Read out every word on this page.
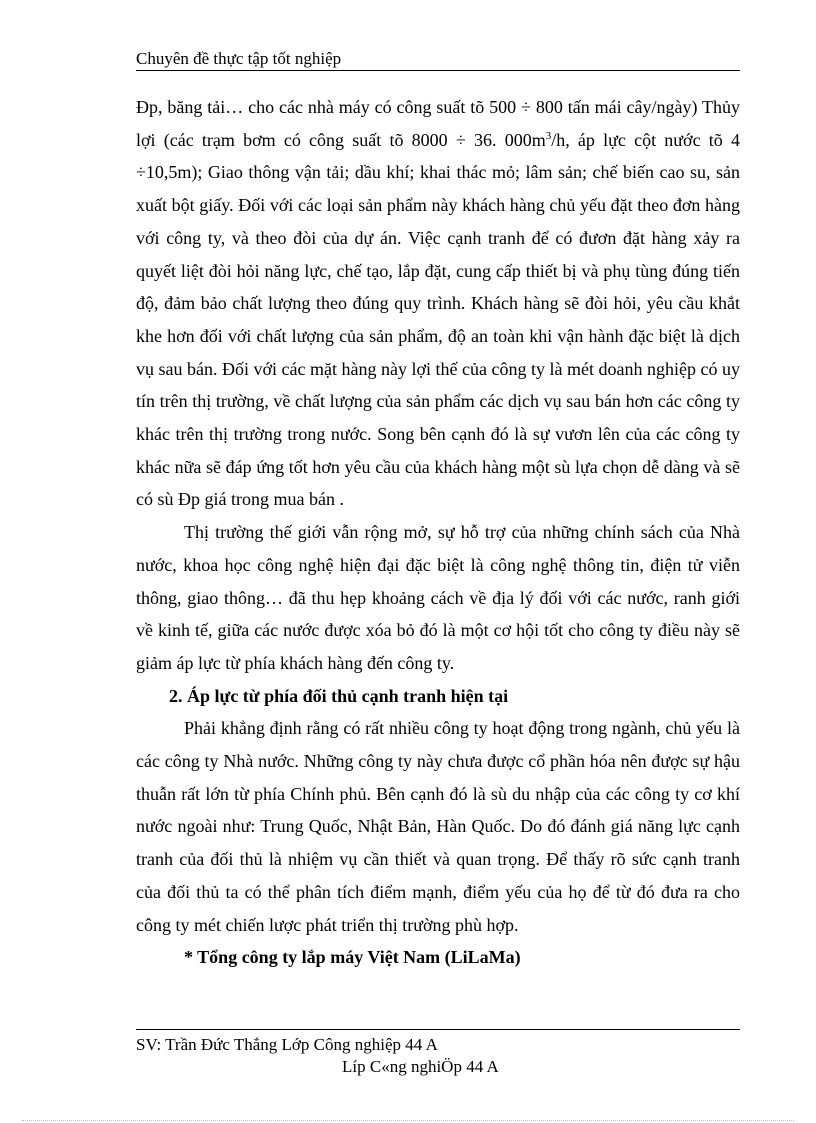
Chuyên đề thực tập tốt nghiệp

Đp, băng tải… cho các nhà máy có công suất tõ 500 ÷ 800 tấn mái cây/ngày) Thủy lợi (các trạm bơm có công suất tõ 8000 ÷ 36. $000m^3/h$, áp lực cột nước tõ 4 ÷10,5m); Giao thông vận tải; dầu khí; khai thác mỏ; lâm sản; chế biến cao su, sản xuất bột giấy. Đối với các loại sản phẩm này khách hàng chủ yếu đặt theo đơn hàng với công ty, và theo đòi của dự án. Việc cạnh tranh để có đươn đặt hàng xảy ra quyết liệt đòi hỏi năng lực, chế tạo, lắp đặt, cung cấp thiết bị và phụ tùng đúng tiến độ, đảm bảo chất lượng theo đúng quy trình. Khách hàng sẽ đòi hỏi, yêu cầu khắt khe hơn đối với chất lượng của sản phẩm, độ an toàn khi vận hành đặc biệt là dịch vụ sau bán. Đối với các mặt hàng này lợi thế của công ty là mét doanh nghiệp có uy tín trên thị trường, về chất lượng của sản phẩm các dịch vụ sau bán hơn các công ty khác trên thị trường trong nước. Song bên cạnh đó là sự vươn lên của các công ty khác nữa sẽ đáp ứng tốt hơn yêu cầu của khách hàng một sù lựa chọn dễ dàng và sẽ có sù Đp giá trong mua bán .

Thị trường thế giới vẫn rộng mở, sự hỗ trợ của những chính sách của Nhà nước, khoa học công nghệ hiện đại đặc biệt là công nghệ thông tin, điện tử viễn thông, giao thông… đã thu hẹp khoảng cách về địa lý đối với các nước, ranh giới về kinh tế, giữa các nước được xóa bỏ đó là một cơ hội tốt cho công ty điều này sẽ giảm áp lực từ phía khách hàng đến công ty.

2. Áp lực từ phía đối thủ cạnh tranh hiện tại

Phải khẳng định rằng có rất nhiều công ty hoạt động trong ngành, chủ yếu là các công ty Nhà nước. Những công ty này chưa được cổ phần hóa nên được sự hậu thuẫn rất lớn từ phía Chính phủ. Bên cạnh đó là sù du nhập của các công ty cơ khí nước ngoài như: Trung Quốc, Nhật Bản, Hàn Quốc. Do đó đánh giá năng lực cạnh tranh của đối thủ là nhiệm vụ cần thiết và quan trọng. Để thấy rõ sức cạnh tranh của đối thủ ta có thể phân tích điểm mạnh, điểm yếu của họ để từ đó đưa ra cho công ty mét chiến lược phát triển thị trường phù hợp.

* Tổng công ty lắp máy Việt Nam (LiLaMa)
SV: Trần Đức Thắng Lớp Công nghiệp 44 A
Líp C«ng nghiÖp 44 A
